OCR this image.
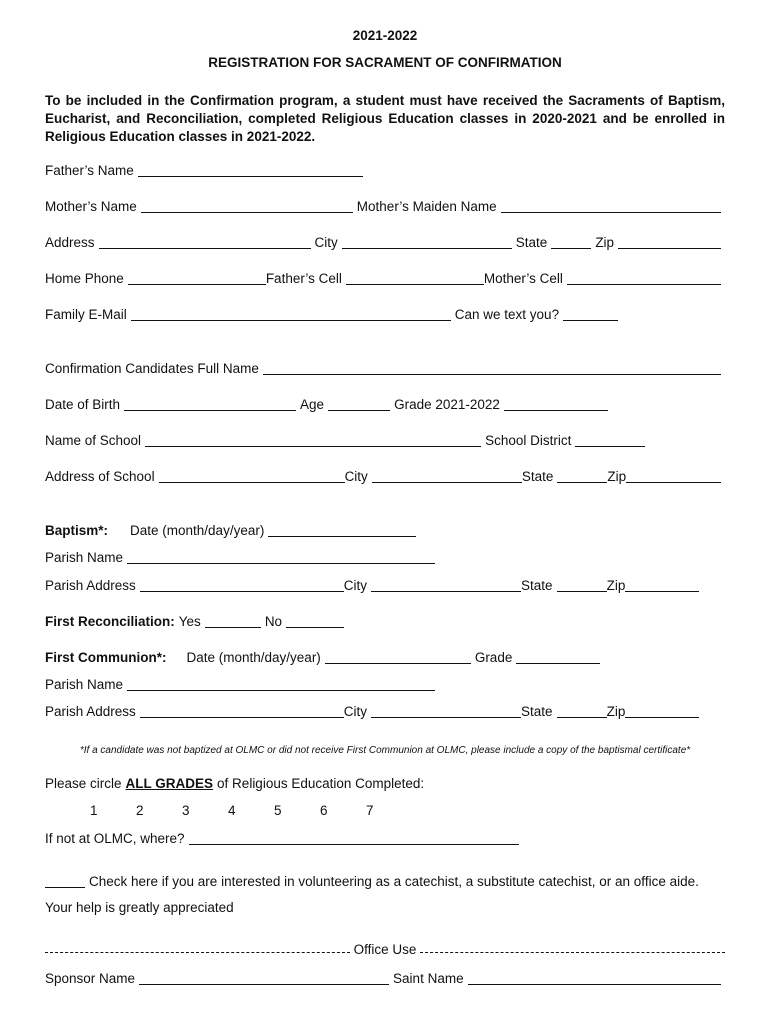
2021-2022
REGISTRATION FOR SACRAMENT OF CONFIRMATION
To be included in the Confirmation program, a student must have received the Sacraments of Baptism, Eucharist, and Reconciliation, completed Religious Education classes in 2020-2021 and be enrolled in Religious Education classes in 2021-2022.
Father’s Name
Mother’s Name	Mother’s Maiden Name
Address	City	State	Zip
Home Phone	Father’s Cell	Mother’s Cell
Family E-Mail	Can we text you?
Confirmation Candidates Full Name
Date of Birth	Age	Grade 2021-2022
Name of School	School District
Address of School	City	State	Zip
Baptism*: Date (month/day/year)
Parish Name
Parish Address	City	State	Zip
First Reconciliation: Yes	No
First Communion*: Date (month/day/year)	Grade
Parish Name
Parish Address	City	State	Zip
*If a candidate was not baptized at OLMC or did not receive First Communion at OLMC, please include a copy of the baptismal certificate*
Please circle ALL GRADES of Religious Education Completed:
1	2	3	4	5	6	7
If not at OLMC, where?
Check here if you are interested in volunteering as a catechist, a substitute catechist, or an office aide.
Your help is greatly appreciated
Office Use
Sponsor Name	Saint Name
